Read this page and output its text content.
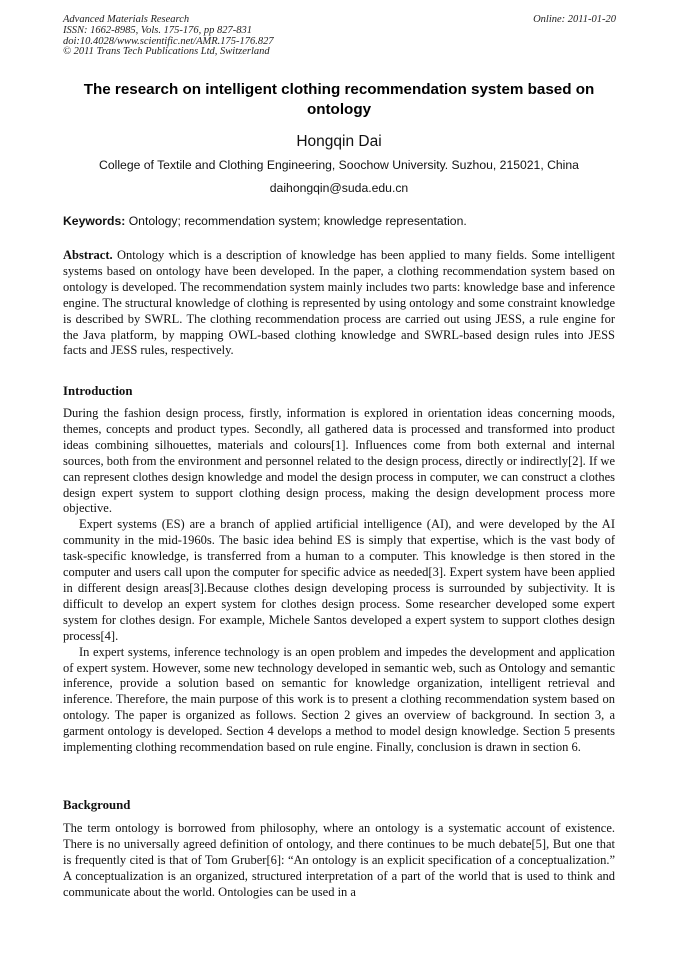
Advanced Materials Research
ISSN: 1662-8985, Vols. 175-176, pp 827-831
doi:10.4028/www.scientific.net/AMR.175-176.827
© 2011 Trans Tech Publications Ltd, Switzerland
Online: 2011-01-20
The research on intelligent clothing recommendation system based on ontology
Hongqin Dai
College of Textile and Clothing Engineering, Soochow University. Suzhou, 215021, China
daihongqin@suda.edu.cn
Keywords: Ontology; recommendation system; knowledge representation.

Abstract. Ontology which is a description of knowledge has been applied to many fields. Some intelligent systems based on ontology have been developed. In the paper, a clothing recommendation system based on ontology is developed. The recommendation system mainly includes two parts: knowledge base and inference engine. The structural knowledge of clothing is represented by using ontology and some constraint knowledge is described by SWRL. The clothing recommendation process are carried out using JESS, a rule engine for the Java platform, by mapping OWL-based clothing knowledge and SWRL-based design rules into JESS facts and JESS rules, respectively.

Introduction

During the fashion design process, firstly, information is explored in orientation ideas concerning moods, themes, concepts and product types. Secondly, all gathered data is processed and transformed into product ideas combining silhouettes, materials and colours[1]. Influences come from both external and internal sources, both from the environment and personnel related to the design process, directly or indirectly[2]. If we can represent clothes design knowledge and model the design process in computer, we can construct a clothes design expert system to support clothing design process, making the design development process more objective.

Expert systems (ES) are a branch of applied artificial intelligence (AI), and were developed by the AI community in the mid-1960s. The basic idea behind ES is simply that expertise, which is the vast body of task-specific knowledge, is transferred from a human to a computer. This knowledge is then stored in the computer and users call upon the computer for specific advice as needed[3]. Expert system have been applied in different design areas[3].Because clothes design developing process is surrounded by subjectivity. It is difficult to develop an expert system for clothes design process. Some researcher developed some expert system for clothes design. For example, Michele Santos developed a expert system to support clothes design process[4].

In expert systems, inference technology is an open problem and impedes the development and application of expert system. However, some new technology developed in semantic web, such as Ontology and semantic inference, provide a solution based on semantic for knowledge organization, intelligent retrieval and inference. Therefore, the main purpose of this work is to present a clothing recommendation system based on ontology. The paper is organized as follows. Section 2 gives an overview of background. In section 3, a garment ontology is developed. Section 4 develops a method to model design knowledge. Section 5 presents implementing clothing recommendation based on rule engine. Finally, conclusion is drawn in section 6.

Background

The term ontology is borrowed from philosophy, where an ontology is a systematic account of existence. There is no universally agreed definition of ontology, and there continues to be much debate[5], But one that is frequently cited is that of Tom Gruber[6]: “An ontology is an explicit specification of a conceptualization.” A conceptualization is an organized, structured interpretation of a part of the world that is used to think and communicate about the world. Ontologies can be used in a
